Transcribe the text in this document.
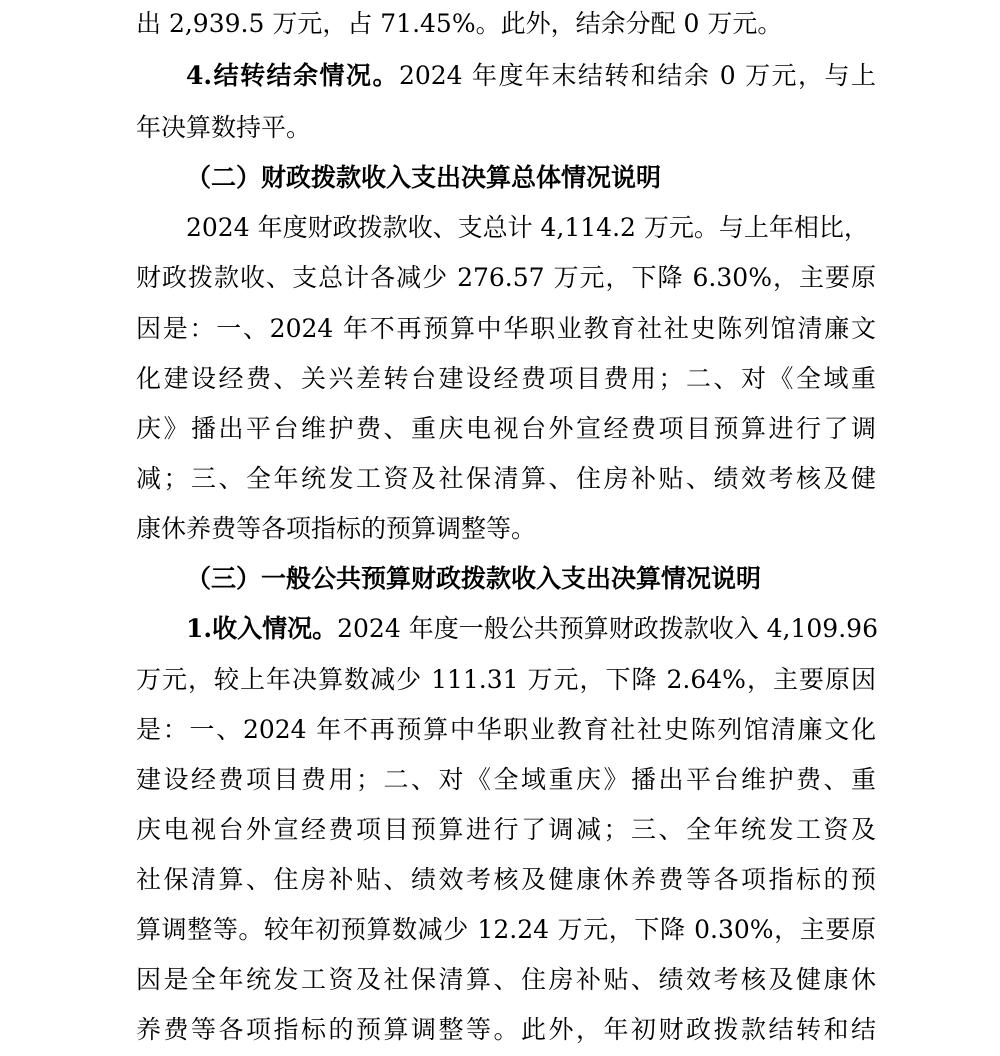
出 2,939.5 万元，占 71.45%。此外，结余分配 0 万元。
4.结转结余情况。2024 年度年末结转和结余 0 万元，与上
年决算数持平。
（二）财政拨款收入支出决算总体情况说明
2024 年度财政拨款收、支总计 4,114.2 万元。与上年相比，
财政拨款收、支总计各减少 276.57 万元，下降 6.30%，主要原
因是：一、2024 年不再预算中华职业教育社社史陈列馆清廉文
化建设经费、关兴差转台建设经费项目费用；二、对《全域重
庆》播出平台维护费、重庆电视台外宣经费项目预算进行了调
减；三、全年统发工资及社保清算、住房补贴、绩效考核及健
康休养费等各项指标的预算调整等。
（三）一般公共预算财政拨款收入支出决算情况说明
1.收入情况。2024 年度一般公共预算财政拨款收入 4,109.96
万元，较上年决算数减少 111.31 万元，下降 2.64%，主要原因
是：一、2024 年不再预算中华职业教育社社史陈列馆清廉文化
建设经费项目费用；二、对《全域重庆》播出平台维护费、重
庆电视台外宣经费项目预算进行了调减；三、全年统发工资及
社保清算、住房补贴、绩效考核及健康休养费等各项指标的预
算调整等。较年初预算数减少 12.24 万元，下降 0.30%，主要原
因是全年统发工资及社保清算、住房补贴、绩效考核及健康休
养费等各项指标的预算调整等。此外，年初财政拨款结转和结
